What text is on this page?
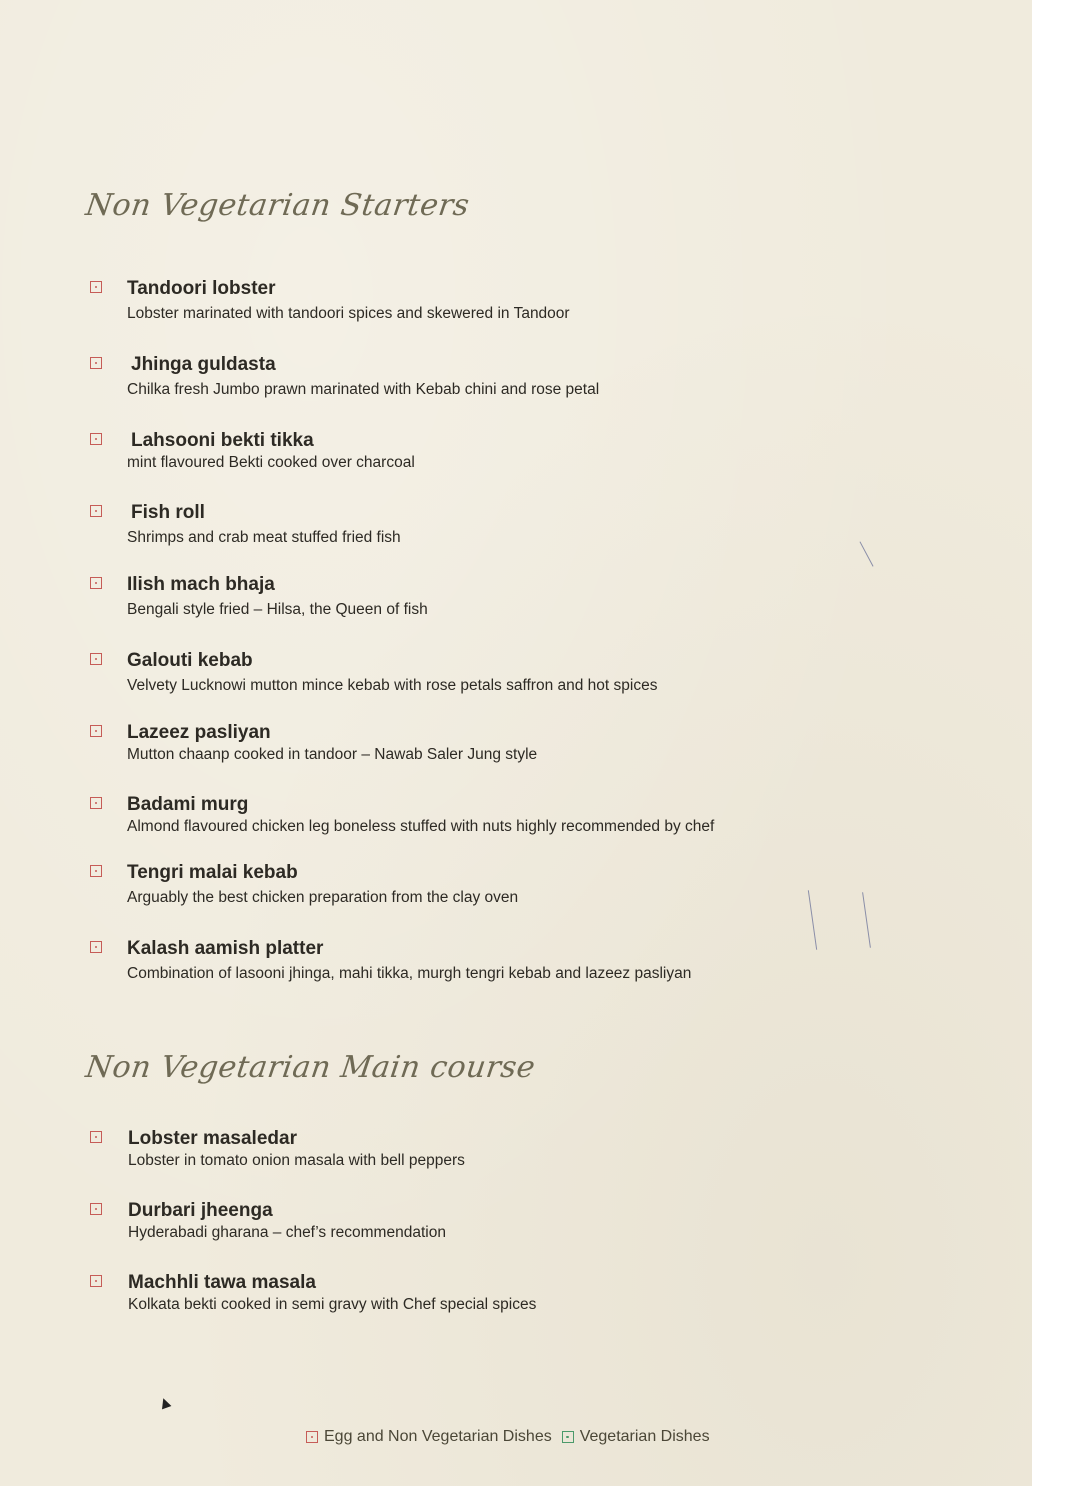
Non Vegetarian Starters
Tandoori lobster
Lobster marinated with tandoori spices and skewered in Tandoor
Jhinga guldasta
Chilka fresh Jumbo prawn marinated with Kebab chini and rose petal
Lahsooni bekti tikka
mint flavoured Bekti cooked over charcoal
Fish roll
Shrimps and crab meat stuffed fried fish
Ilish mach bhaja
Bengali style fried – Hilsa, the Queen of fish
Galouti kebab
Velvety Lucknowi mutton mince kebab with rose petals saffron and hot spices
Lazeez pasliyan
Mutton chaanp cooked in tandoor – Nawab Saler Jung style
Badami murg
Almond flavoured chicken leg boneless stuffed with nuts highly recommended by chef
Tengri malai kebab
Arguably the best chicken preparation from the clay oven
Kalash aamish platter
Combination of lasooni jhinga, mahi tikka, murgh tengri kebab and lazeez pasliyan
Non Vegetarian Main course
Lobster masaledar
Lobster in tomato onion masala with bell peppers
Durbari jheenga
Hyderabadi gharana – chef’s recommendation
Machhli tawa masala
Kolkata bekti cooked in semi gravy with Chef special spices
Egg and Non Vegetarian Dishes Vegetarian Dishes
